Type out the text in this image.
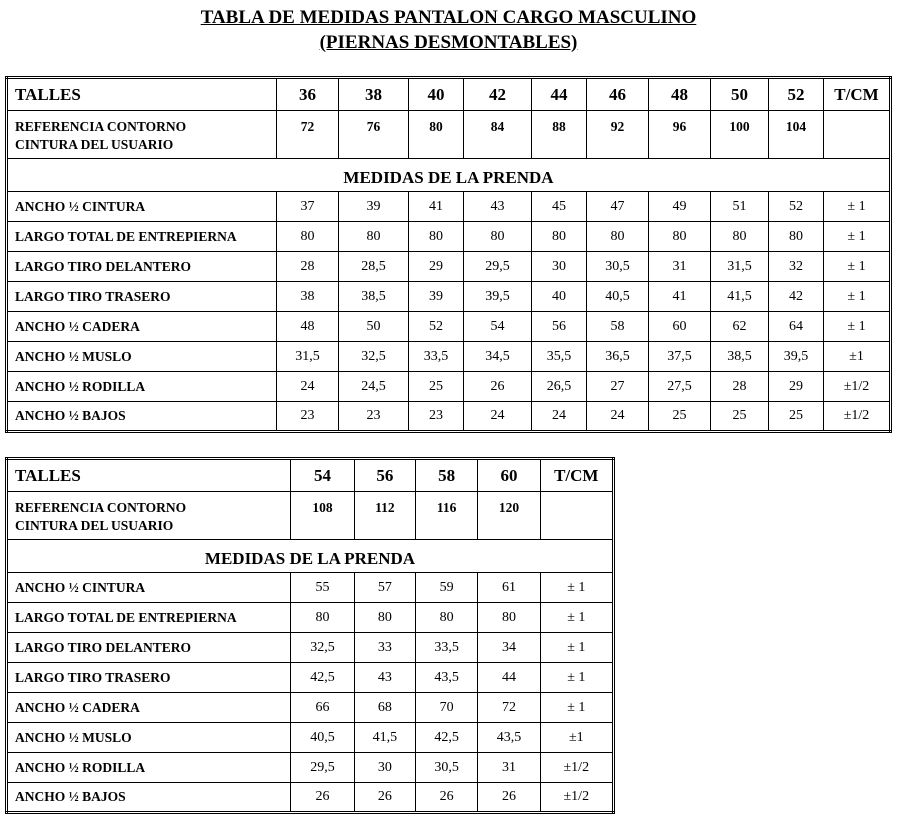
TABLA DE MEDIDAS PANTALON CARGO MASCULINO
(PIERNAS DESMONTABLES)
TALLES	36	38	40	42	44	46	48	50	52	T/CM

REFERENCIA CONTORNO
CINTURA DEL USUARIO	72	76	80	84	88	92	96	100	104	
MEDIDAS DE LA PRENDA										
ANCHO ½ CINTURA	37	39	41	43	45	47	49	51	52	± 1
LARGO TOTAL DE ENTREPIERNA	80	80	80	80	80	80	80	80	80	± 1
LARGO TIRO DELANTERO	28	28,5	29	29,5	30	30,5	31	31,5	32	± 1
LARGO TIRO TRASERO	38	38,5	39	39,5	40	40,5	41	41,5	42	± 1
ANCHO ½ CADERA	48	50	52	54	56	58	60	62	64	± 1
ANCHO ½ MUSLO	31,5	32,5	33,5	34,5	35,5	36,5	37,5	38,5	39,5	±1
ANCHO ½ RODILLA	24	24,5	25	26	26,5	27	27,5	28	29	±1/2
ANCHO ½ BAJOS	23	23	23	24	24	24	25	25	25	±1/2
TALLES	54	56	58	60	T/CM

REFERENCIA CONTORNO
CINTURA DEL USUARIO	108	112	116	120	
MEDIDAS DE LA PRENDA					
ANCHO ½ CINTURA	55	57	59	61	± 1
LARGO TOTAL DE ENTREPIERNA	80	80	80	80	± 1
LARGO TIRO DELANTERO	32,5	33	33,5	34	± 1
LARGO TIRO TRASERO	42,5	43	43,5	44	± 1
ANCHO ½ CADERA	66	68	70	72	± 1
ANCHO ½ MUSLO	40,5	41,5	42,5	43,5	±1
ANCHO ½ RODILLA	29,5	30	30,5	31	±1/2
ANCHO ½ BAJOS	26	26	26	26	±1/2
